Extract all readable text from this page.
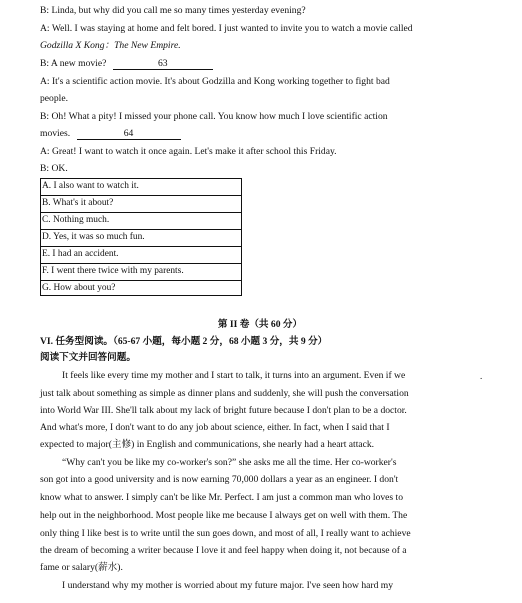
B: Linda, but why did you call me so many times yesterday evening?
A: Well. I was staying at home and felt bored. I just wanted to invite you to watch a movie called
Godzilla X Kong：The New Empire.
B: A new movie?	63
A: It's a scientific action movie. It's about Godzilla and Kong working together to fight bad
people.
B: Oh! What a pity! I missed your phone call. You know how much I love scientific action
movies.	64
A: Great! I want to watch it once again. Let's make it after school this Friday.
B: OK.
A. I also want to watch it.
B. What's it about?
C. Nothing much.
D. Yes, it was so much fun.
E. I had an accident.
F. I went there twice with my parents.
G. How about you?
第 II 卷（共 60 分）
VI. 任务型阅读。（65-67 小题，每小题 2 分，68 小题 3 分，共 9 分）
阅读下文并回答问题。
It feels like every time my mother and I start to talk, it turns into an argument. Even if we	.
just talk about something as simple as dinner plans and suddenly, she will push the conversation
into World War III. She'll talk about my lack of bright future because I don't plan to be a doctor.
And what's more, I don't want to do any job about science, either. In fact, when I said that I
expected to major(主修) in English and communications, she nearly had a heart attack.
“Why can't you be like my co-worker's son?” she asks me all the time. Her co-worker's
son got into a good university and is now earning 70,000 dollars a year as an engineer. I don't
know what to answer. I simply can't be like Mr. Perfect. I am just a common man who loves to
help out in the neighborhood. Most people like me because I always get on well with them. The
only thing I like best is to write until the sun goes down, and most of all, I really want to achieve
the dream of becoming a writer because I love it and feel happy when doing it, not because of a
fame or salary(薪水).
I understand why my mother is worried about my future major. I've seen how hard my
